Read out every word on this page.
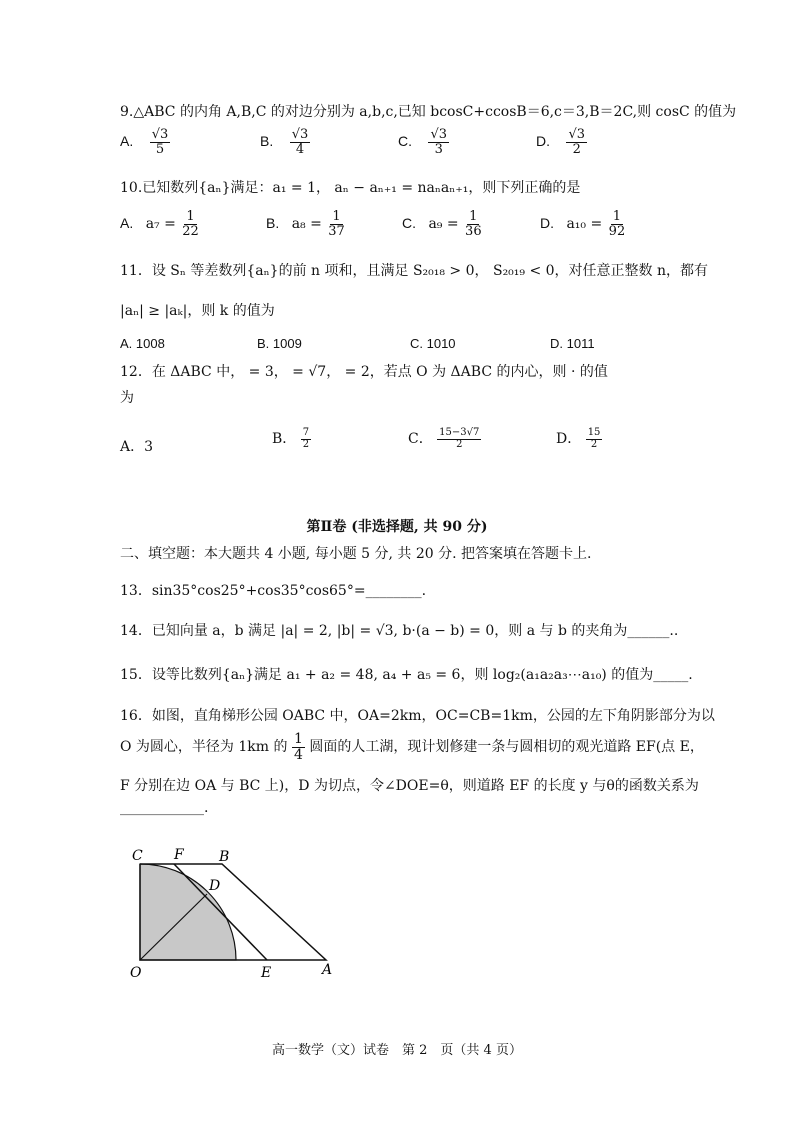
9.△ABC 的内角 A,B,C 的对边分别为 a,b,c,已知 bcosC+ccosB＝6,c＝3,B＝2C,则 cosC 的值为
A. $\frac{√3}{5}$	B. $\frac{√3}{4}$	C. $\frac{√3}{3}$	D. $\frac{√3}{2}$
10.已知数列{aₙ}满足：a₁ = 1， aₙ − aₙ₊₁ = naₙaₙ₊₁，则下列正确的是
A. $a_7 = \frac{1}{22}$	B. $a_8 = \frac{1}{37}$	C. $a_9 = \frac{1}{36}$	D. $a_{10} = \frac{1}{92}$
11．设 Sₙ 等差数列{aₙ}的前 n 项和，且满足 S₂₀₁₈ > 0， S₂₀₁₉ < 0，对任意正整数 n，都有
|aₙ| ≥ |aₖ|，则 k 的值为
A. 1008	B. 1009	C. 1010	D. 1011
12．在 ΔABC 中， = 3， = √7， = 2，若点 O 为 ΔABC 的内心，则 · 的值
为
A．3	B． $\frac{7}{2}$	C． $\frac{15-3√7}{2}$	D． $\frac{15}{2}$
第Ⅱ卷 (非选择题, 共 90 分)
二、填空题：本大题共 4 小题, 每小题 5 分, 共 20 分. 把答案填在答题卡上.
13．sin35°cos25°+cos35°cos65°=________.
14．已知向量 a，b 满足 |a| = 2, |b| = √3, b·(a − b) = 0，则 a 与 b 的夹角为______..
15．设等比数列{aₙ}满足 a₁ + a₂ = 48, a₄ + a₅ = 6，则 log₂(a₁a₂a₃⋯a₁₀) 的值为_____.
16．如图，直角梯形公园 OABC 中，OA=2km，OC=CB=1km，公园的左下角阴影部分为以
O 为圆心，半径为 1km 的 $\frac{1}{4}$ 圆面的人工湖，现计划修建一条与圆相切的观光道路 EF(点 E，
F 分别在边 OA 与 BC 上)，D 为切点，令∠DOE=θ，则道路 EF 的长度 y 与θ的函数关系为
____________.
C F	B
D
O	E	A
高一数学（文）试卷　第 2　页（共 4 页）
